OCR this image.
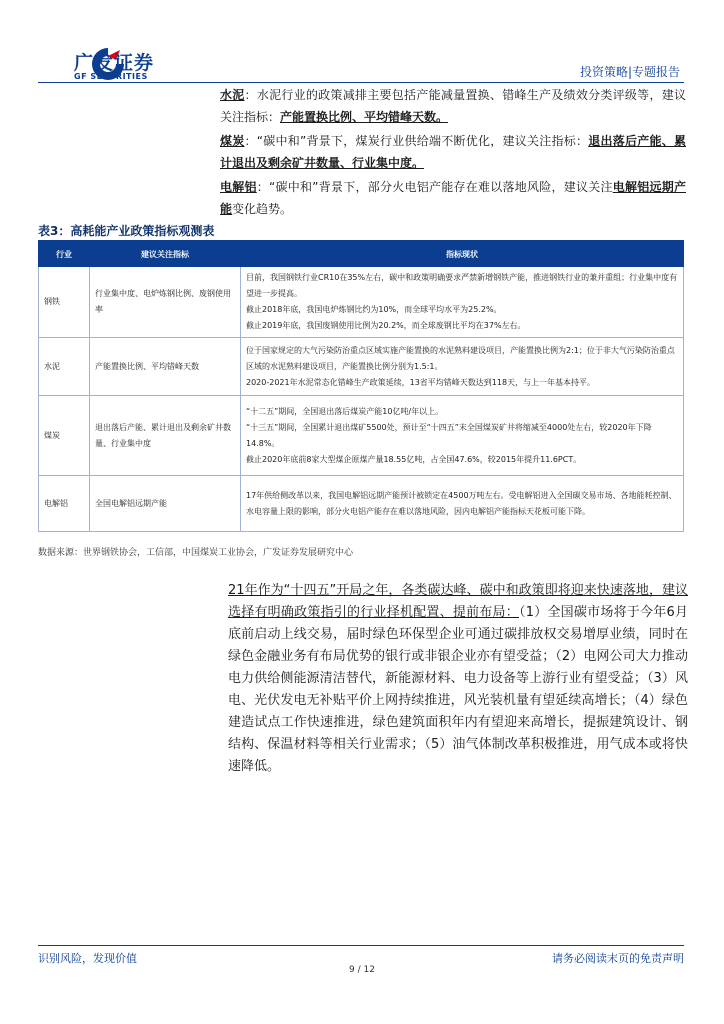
广发证券
GF SECURITIES	投资策略|专题报告
水泥：水泥行业的政策减排主要包括产能减量置换、错峰生产及绩效分类评级等，建议关注指标：产能置换比例、平均错峰天数。
煤炭：“碳中和”背景下，煤炭行业供给端不断优化，建议关注指标：退出落后产能、累计退出及剩余矿井数量、行业集中度。
电解铝：“碳中和”背景下，部分火电铝产能存在难以落地风险，建议关注电解铝远期产能变化趋势。
表3：高耗能产业政策指标观测表
行业	建议关注指标	指标现状
钢铁	行业集中度、电炉炼钢比例、废钢使用率	目前，我国钢铁行业CR10在35%左右，碳中和政策明确要求严禁新增钢铁产能，推进钢铁行业的兼并重组；行业集中度有望进一步提高。
截止2018年底，我国电炉炼钢比约为10%，而全球平均水平为25.2%。
截止2019年底，我国废钢使用比例为20.2%，而全球废钢比平均在37%左右。

水泥	产能置换比例、平均错峰天数	位于国家规定的大气污染防治重点区域实施产能置换的水泥熟料建设项目，产能置换比例为2:1；位于非大气污染防治重点区域的水泥熟料建设项目，产能置换比例分别为1.5:1。
2020-2021年水泥常态化错峰生产政策延续，13省平均错峰天数达到118天，与上一年基本持平。

煤炭	退出落后产能、累计退出及剩余矿井数量、行业集中度	“十二五”期间，全国退出落后煤炭产能10亿吨/年以上。
“十三五”期间，全国累计退出煤矿5500处，预计至“十四五”末全国煤炭矿井将缩减至4000处左右，较2020年下降14.8%。
截止2020年底前8家大型煤企原煤产量18.55亿吨，占全国47.6%，较2015年提升11.6PCT。

电解铝	全国电解铝远期产能	17年供给侧改革以来，我国电解铝远期产能预计被锁定在4500万吨左右。受电解铝进入全国碳交易市场、各地能耗控制、水电容量上限的影响，部分火电铝产能存在难以落地风险，因内电解铝产能指标天花板可能下降。
数据来源：世界钢铁协会，工信部，中国煤炭工业协会，广发证券发展研究中心
21年作为“十四五”开局之年，各类碳达峰、碳中和政策即将迎来快速落地，建议选择有明确政策指引的行业择机配置、提前布局：（1）全国碳市场将于今年6月底前启动上线交易，届时绿色环保型企业可通过碳排放权交易增厚业绩，同时在绿色金融业务有布局优势的银行或非银企业亦有望受益；（2）电网公司大力推动电力供给侧能源清洁替代，新能源材料、电力设备等上游行业有望受益；（3）风电、光伏发电无补贴平价上网持续推进，风光装机量有望延续高增长；（4）绿色建造试点工作快速推进，绿色建筑面积年内有望迎来高增长，提振建筑设计、钢结构、保温材料等相关行业需求；（5）油气体制改革积极推进，用气成本或将快速降低。
识别风险，发现价值	请务必阅读末页的免责声明
9 / 12
